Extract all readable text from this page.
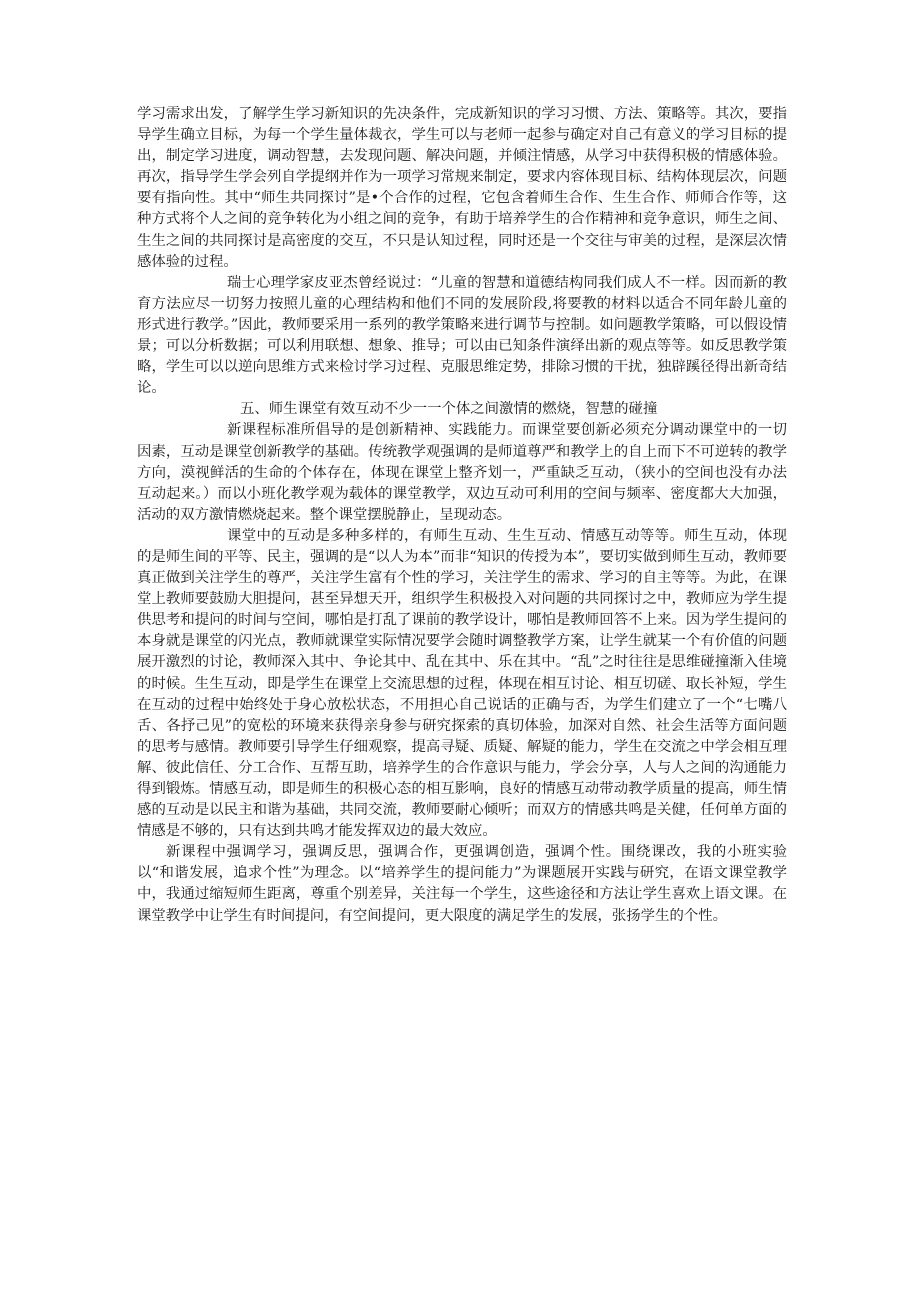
学习需求出发，了解学生学习新知识的先决条件，完成新知识的学习习惯、方法、策略等。其次，要指导学生确立目标，为每一个学生量体裁衣，学生可以与老师一起参与确定对自己有意义的学习目标的提出，制定学习进度，调动智慧，去发现问题、解决问题，并倾注情感，从学习中获得积极的情感体验。再次，指导学生学会列自学提纲并作为一项学习常规来制定，要求内容体现目标、结构体现层次，问题要有指向性。其中“师生共同探讨”是•个合作的过程，它包含着师生合作、生生合作、师师合作等，这种方式将个人之间的竞争转化为小组之间的竞争，有助于培养学生的合作精神和竞争意识，师生之间、生生之间的共同探讨是高密度的交互，不只是认知过程，同时还是一个交往与审美的过程，是深层次情感体验的过程。

瑞士心理学家皮亚杰曾经说过：“儿童的智慧和道德结构同我们成人不一样。因而新的教育方法应尽一切努力按照儿童的心理结构和他们不同的发展阶段,将要教的材料以适合不同年龄儿童的形式进行教学。”因此，教师要采用一系列的教学策略来进行调节与控制。如问题教学策略，可以假设情景；可以分析数据；可以利用联想、想象、推导；可以由已知条件演绎出新的观点等等。如反思教学策略，学生可以以逆向思维方式来检讨学习过程、克服思维定势，排除习惯的干扰，独辟蹊径得出新奇结论。

五、师生课堂有效互动不少一一个体之间激情的燃烧，智慧的碰撞

新课程标准所倡导的是创新精神、实践能力。而课堂要创新必须充分调动课堂中的一切因素，互动是课堂创新教学的基础。传统教学观强调的是师道尊严和教学上的自上而下不可逆转的教学方向，漠视鲜活的生命的个体存在，体现在课堂上整齐划一，严重缺乏互动，（狭小的空间也没有办法互动起来。）而以小班化教学观为载体的课堂教学，双边互动可利用的空间与频率、密度都大大加强，活动的双方激情燃烧起来。整个课堂摆脱静止，呈现动态。

课堂中的互动是多种多样的，有师生互动、生生互动、情感互动等等。师生互动，体现的是师生间的平等、民主，强调的是“以人为本”而非“知识的传授为本”，要切实做到师生互动，教师要真正做到关注学生的尊严，关注学生富有个性的学习，关注学生的需求、学习的自主等等。为此，在课堂上教师要鼓励大胆提问，甚至异想天开，组织学生积极投入对问题的共同探讨之中，教师应为学生提供思考和提问的时间与空间，哪怕是打乱了课前的教学设计，哪怕是教师回答不上来。因为学生提问的本身就是课堂的闪光点，教师就课堂实际情况要学会随时调整教学方案，让学生就某一个有价值的问题展开激烈的讨论，教师深入其中、争论其中、乱在其中、乐在其中。“乱”之时往往是思维碰撞渐入佳境的时候。生生互动，即是学生在课堂上交流思想的过程，体现在相互讨论、相互切磋、取长补短，学生在互动的过程中始终处于身心放松状态，不用担心自己说话的正确与否，为学生们建立了一个“七嘴八舌、各抒己见”的宽松的环境来获得亲身参与研究探索的真切体验，加深对自然、社会生活等方面问题的思考与感情。教师要引导学生仔细观察，提高寻疑、质疑、解疑的能力，学生在交流之中学会相互理解、彼此信任、分工合作、互帮互助，培养学生的合作意识与能力，学会分享，人与人之间的沟通能力得到锻炼。情感互动，即是师生的积极心态的相互影响，良好的情感互动带动教学质量的提高，师生情感的互动是以民主和谐为基础，共同交流，教师要耐心倾听；而双方的情感共鸣是关健，任何单方面的情感是不够的，只有达到共鸣才能发挥双边的最大效应。

新课程中强调学习，强调反思，强调合作，更强调创造，强调个性。围绕课改，我的小班实验以“和谐发展，追求个性”为理念。以“培养学生的提问能力”为课题展开实践与研究，在语文课堂教学中，我通过缩短师生距离，尊重个别差异，关注每一个学生，这些途径和方法让学生喜欢上语文课。在课堂教学中让学生有时间提问，有空间提问，更大限度的满足学生的发展，张扬学生的个性。
